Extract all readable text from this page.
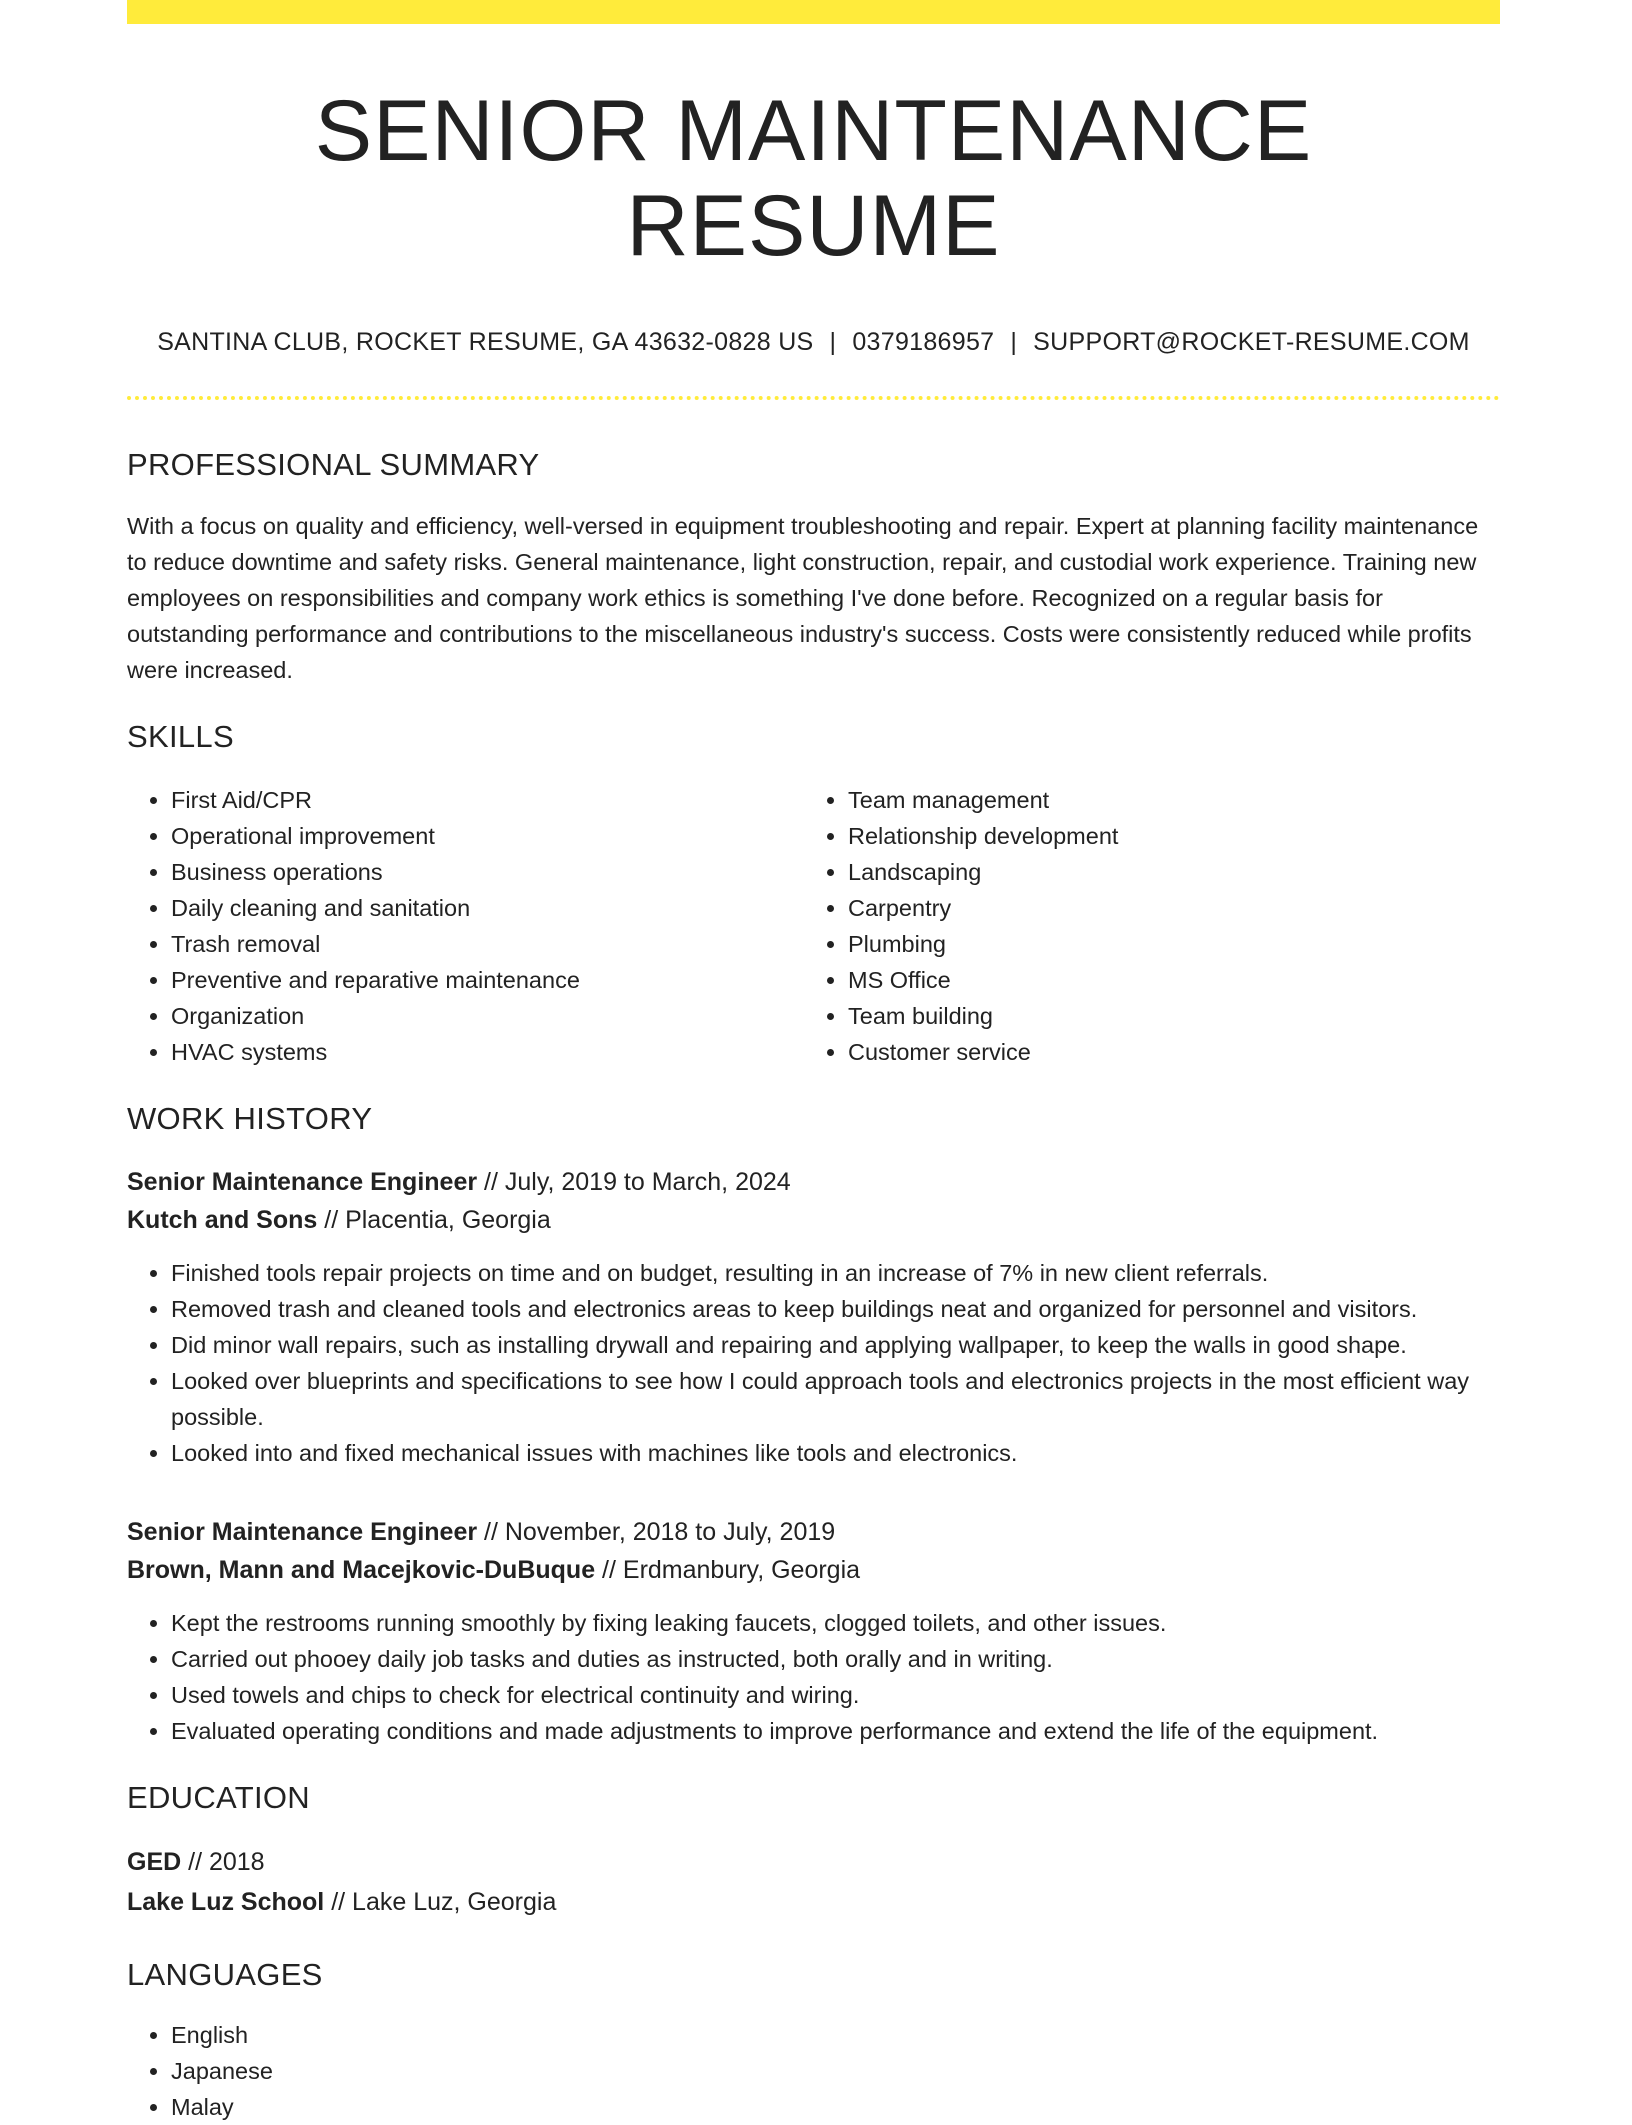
SENIOR MAINTENANCE RESUME
SANTINA CLUB, ROCKET RESUME, GA 43632-0828 US | 0379186957 | SUPPORT@ROCKET-RESUME.COM
PROFESSIONAL SUMMARY

With a focus on quality and efficiency, well-versed in equipment troubleshooting and repair. Expert at planning facility maintenance to reduce downtime and safety risks. General maintenance, light construction, repair, and custodial work experience. Training new employees on responsibilities and company work ethics is something I've done before. Recognized on a regular basis for outstanding performance and contributions to the miscellaneous industry's success. Costs were consistently reduced while profits were increased.

SKILLS
• First Aid/CPR
• Operational improvement
• Business operations
• Daily cleaning and sanitation
• Trash removal
• Preventive and reparative maintenance
• Organization
• HVAC systems
• Team management
• Relationship development
• Landscaping
• Carpentry
• Plumbing
• MS Office
• Team building
• Customer service
WORK HISTORY
Senior Maintenance Engineer // July, 2019 to March, 2024
Kutch and Sons // Placentia, Georgia
• Finished tools repair projects on time and on budget, resulting in an increase of 7% in new client referrals.
• Removed trash and cleaned tools and electronics areas to keep buildings neat and organized for personnel and visitors.
• Did minor wall repairs, such as installing drywall and repairing and applying wallpaper, to keep the walls in good shape.
• Looked over blueprints and specifications to see how I could approach tools and electronics projects in the most efficient way possible.
• Looked into and fixed mechanical issues with machines like tools and electronics.
Senior Maintenance Engineer // November, 2018 to July, 2019
Brown, Mann and Macejkovic-DuBuque // Erdmanbury, Georgia
• Kept the restrooms running smoothly by fixing leaking faucets, clogged toilets, and other issues.
• Carried out phooey daily job tasks and duties as instructed, both orally and in writing.
• Used towels and chips to check for electrical continuity and wiring.
• Evaluated operating conditions and made adjustments to improve performance and extend the life of the equipment.
EDUCATION
GED // 2018
Lake Luz School // Lake Luz, Georgia
LANGUAGES
• English
• Japanese
• Malay
